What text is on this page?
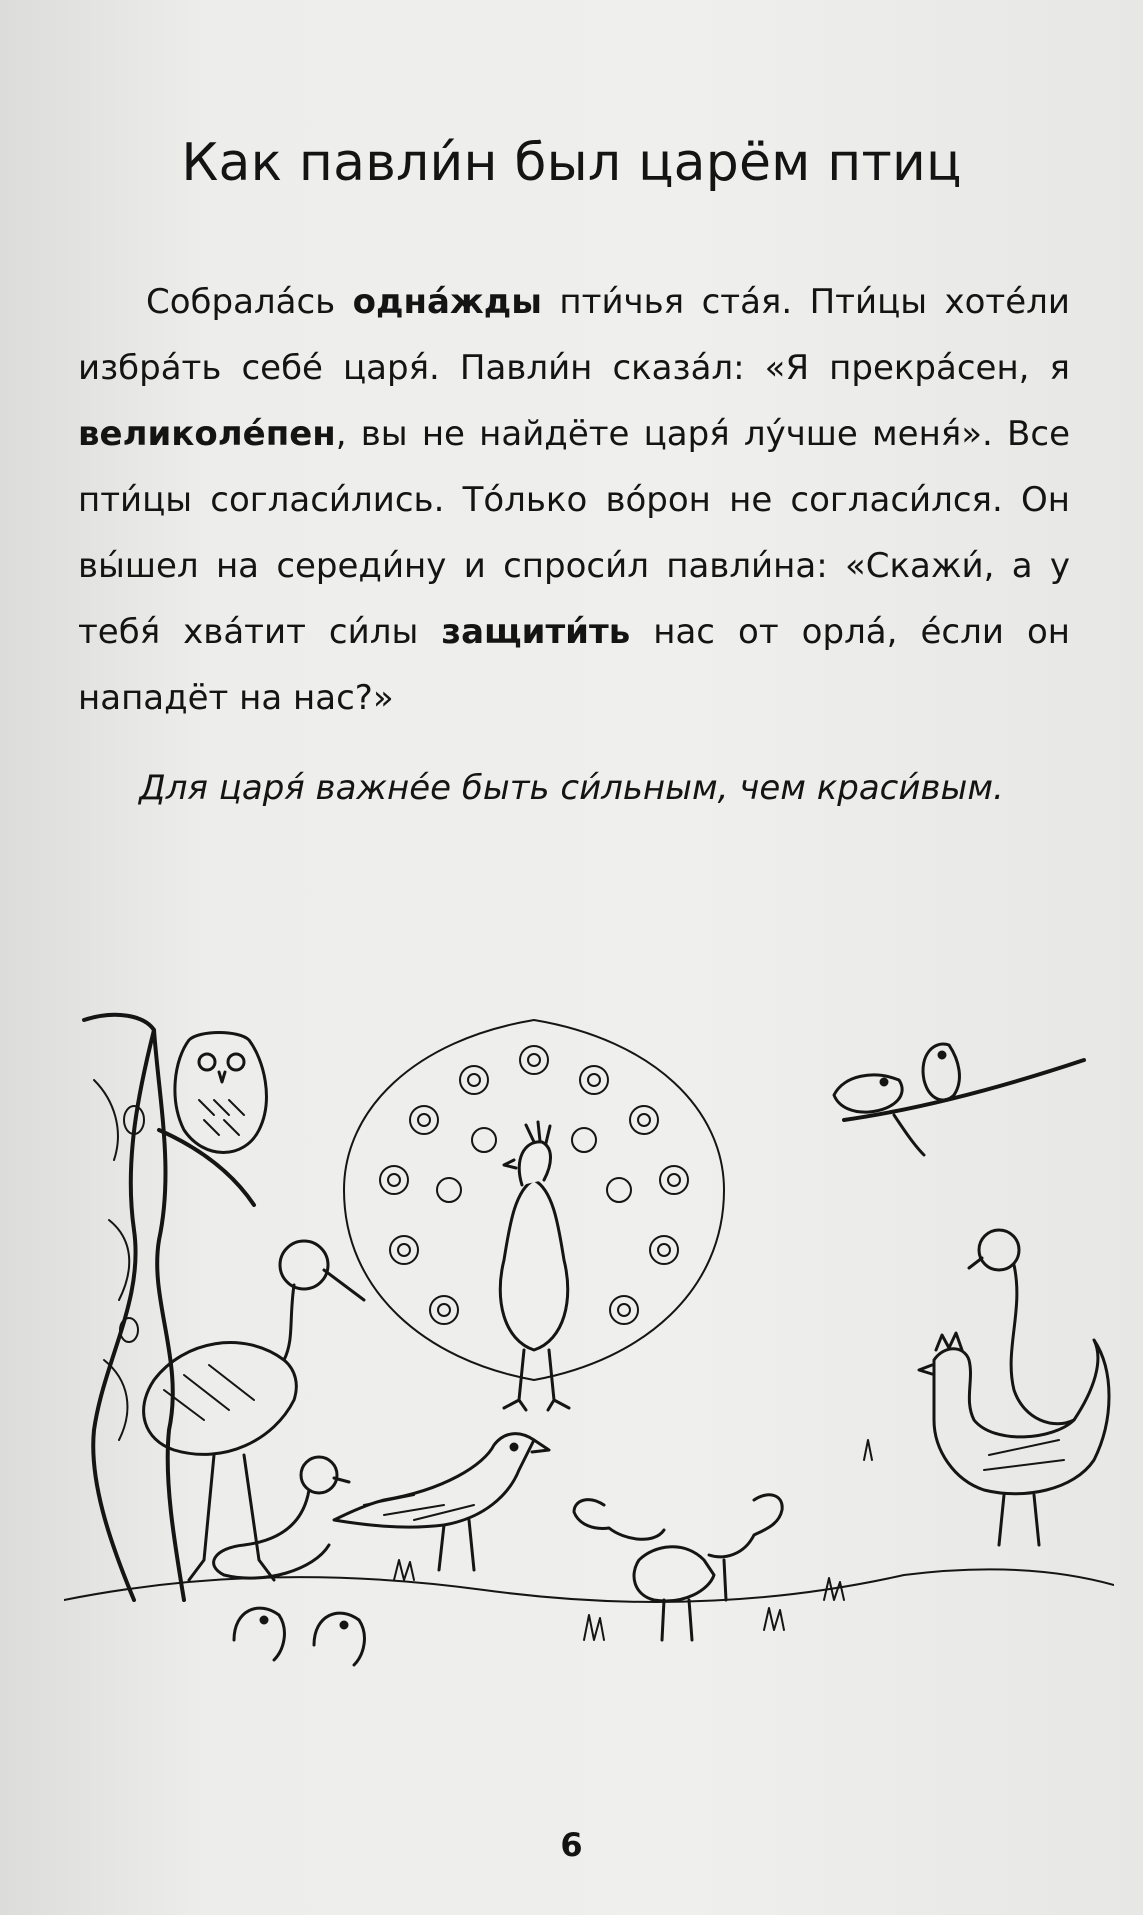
Как павли́н был царём птиц

Собрала́сь одна́жды пти́чья ста́я. Пти́цы хоте́ли избра́ть себе́ царя́. Павли́н сказа́л: «Я прекра́сен, я великоле́пен, вы не найдёте царя́ лу́чше меня́». Все пти́цы согласи́лись. То́лько во́рон не согласи́лся. Он вы́шел на середи́ну и спроси́л павли́на: «Скажи́, а у тебя́ хва́тит си́лы защити́ть нас от орла́, е́сли он нападёт на нас?»

Для царя́ важне́е быть си́льным, чем краси́вым.

6
